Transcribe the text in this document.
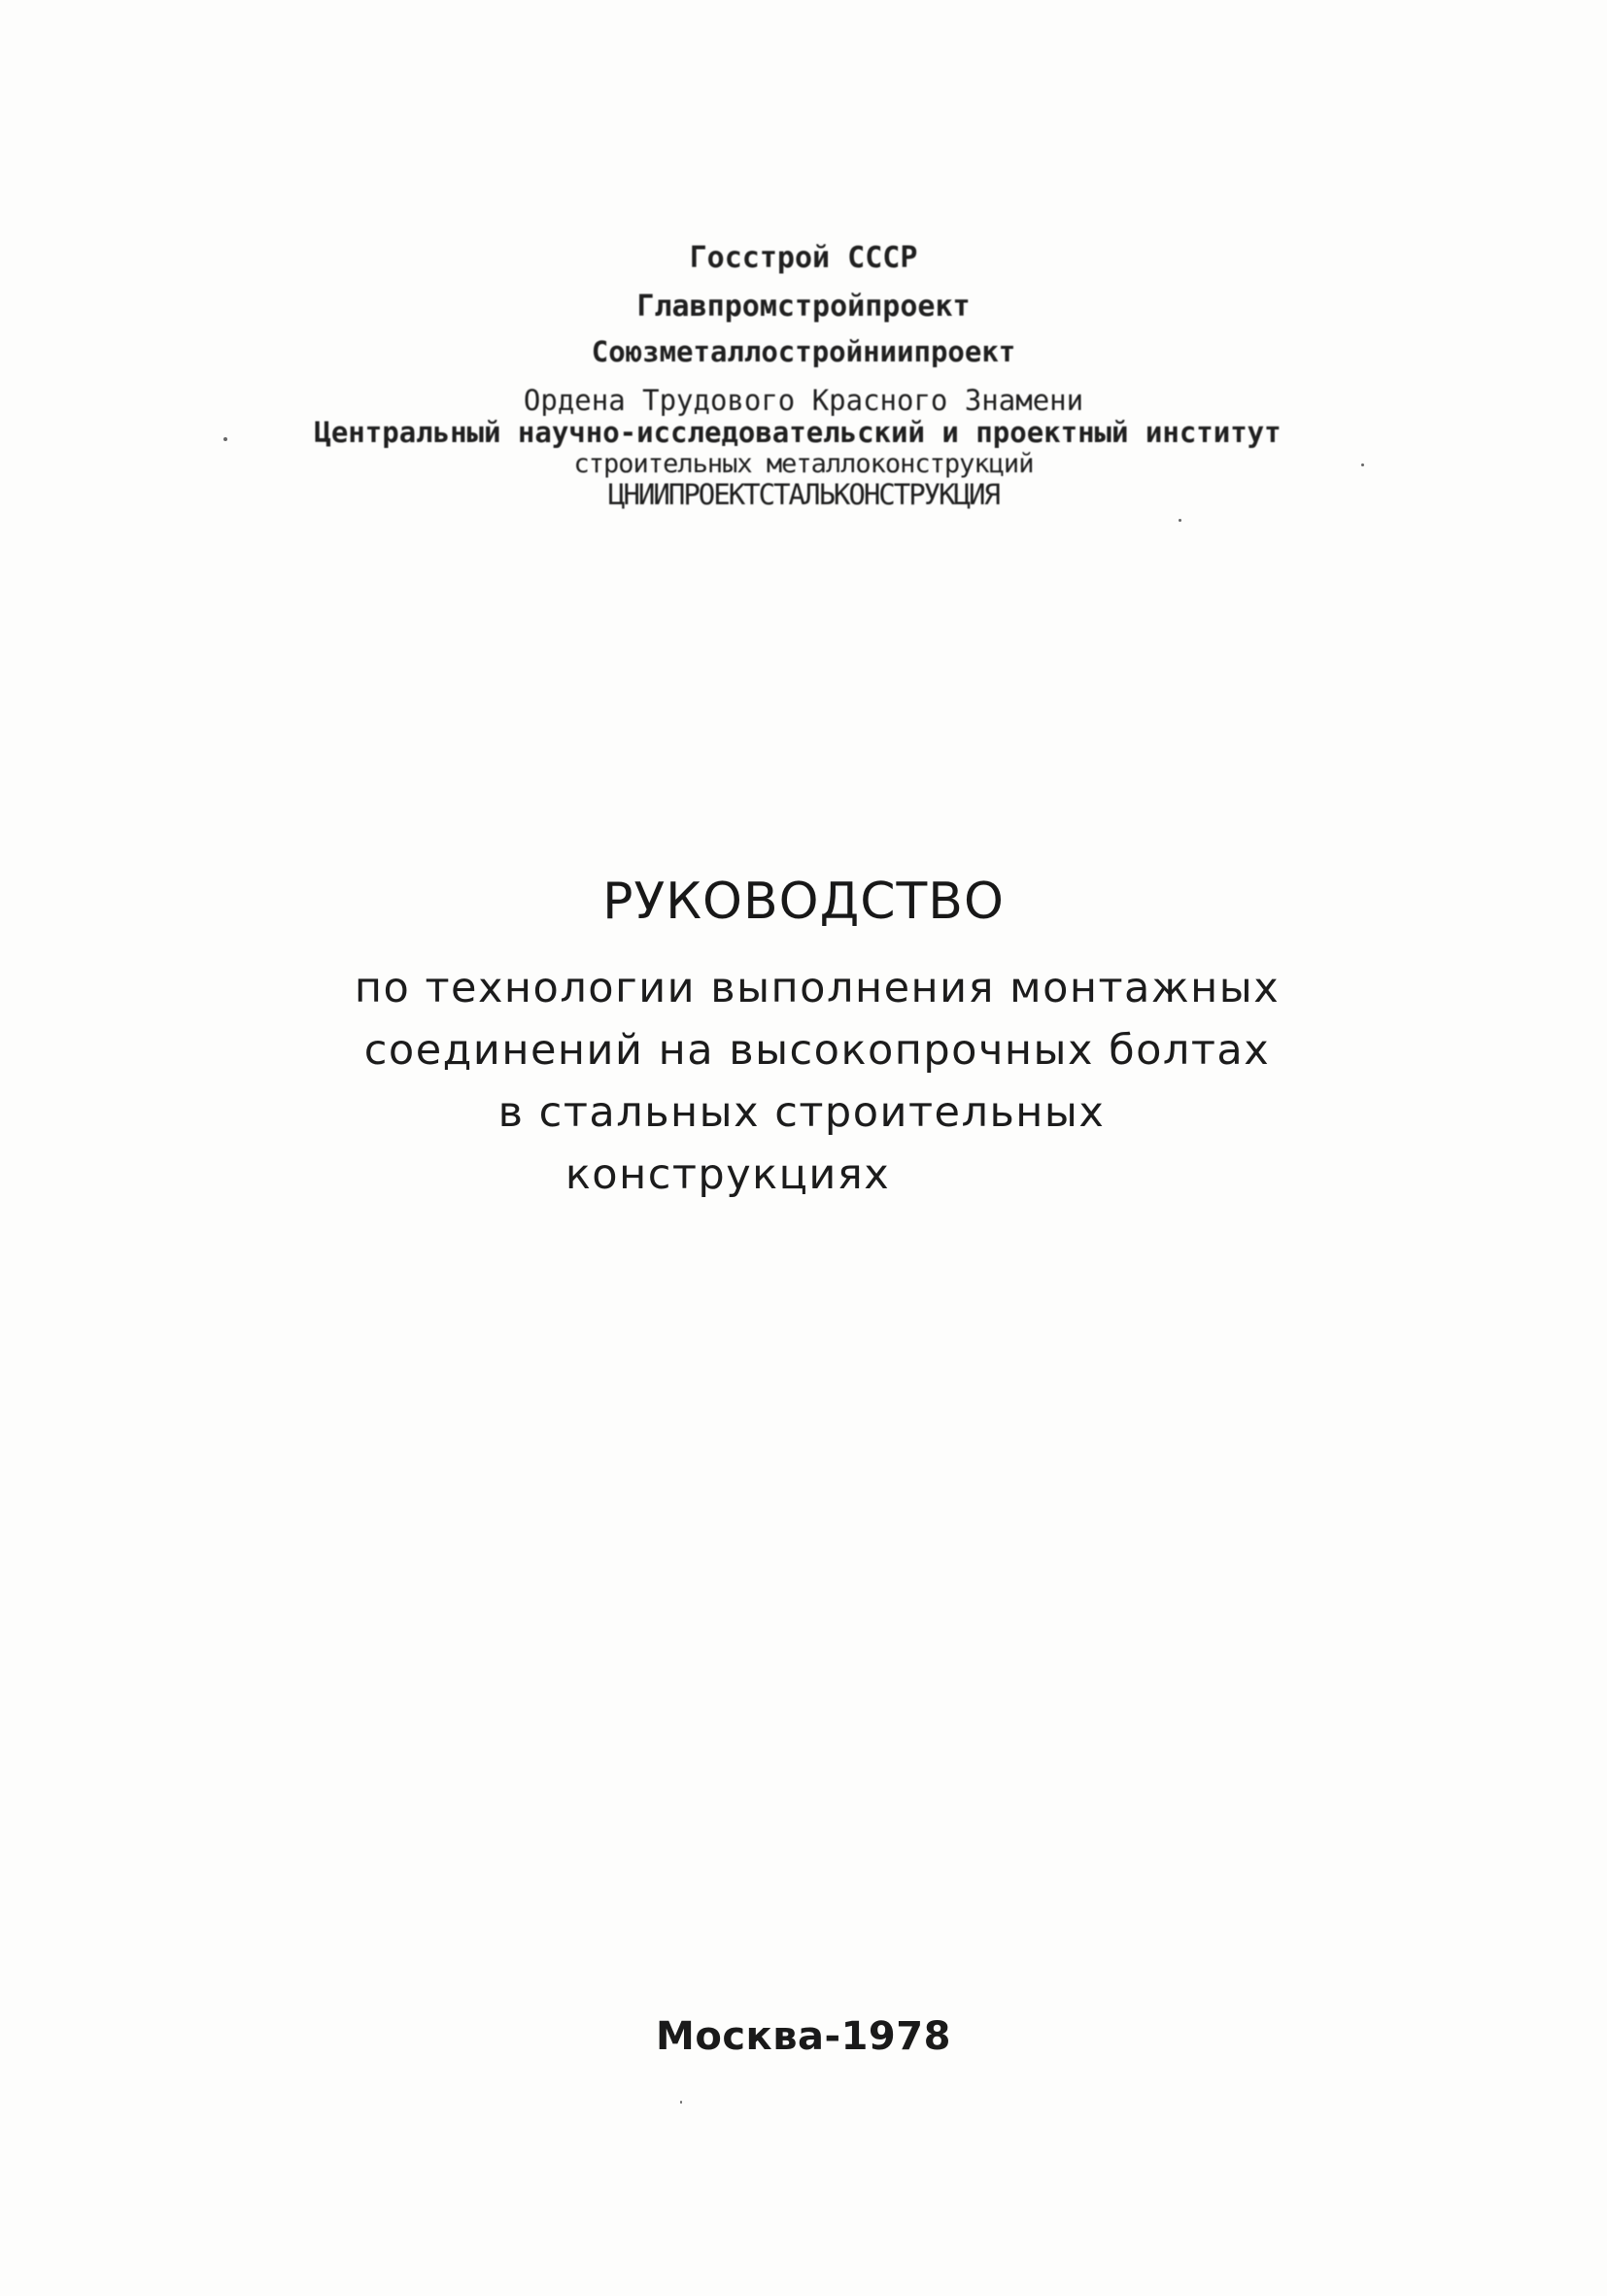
Госстрой СССР
Главпромстройпроект
Союзметаллостройниипроект
Ордена Трудового Красного Знамени
Центральный научно-исследовательский и проектный институт
строительных металлоконструкций
ЦНИИПРОЕКТСТАЛЬКОНСТРУКЦИЯ
РУКОВОДСТВО
по технологии выполнения монтажных
соединений на высокопрочных болтах
в стальных строительных
конструкциях
Москва-1978
